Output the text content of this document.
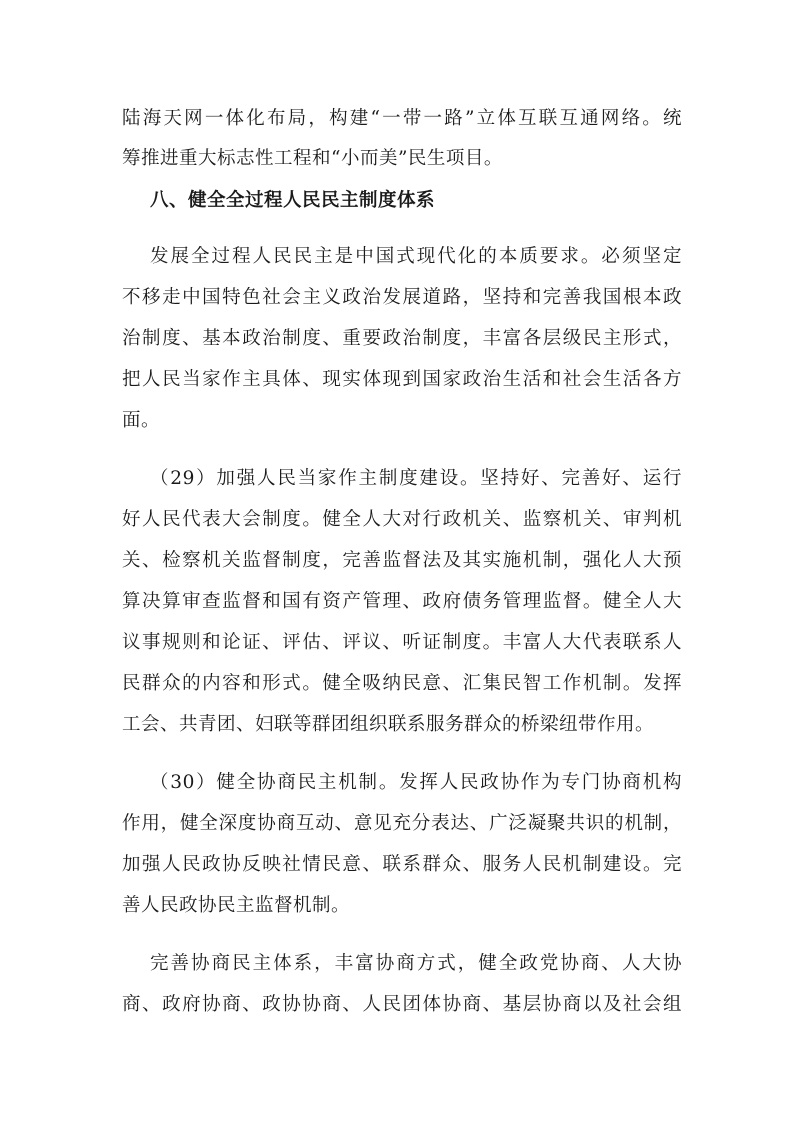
陆海天网一体化布局，构建“一带一路”立体互联互通网络。统
筹推进重大标志性工程和“小而美”民生项目。
八、健全全过程人民民主制度体系
发展全过程人民民主是中国式现代化的本质要求。必须坚定
不移走中国特色社会主义政治发展道路，坚持和完善我国根本政
治制度、基本政治制度、重要政治制度，丰富各层级民主形式，
把人民当家作主具体、现实体现到国家政治生活和社会生活各方
面。
（29）加强人民当家作主制度建设。坚持好、完善好、运行
好人民代表大会制度。健全人大对行政机关、监察机关、审判机
关、检察机关监督制度，完善监督法及其实施机制，强化人大预
算决算审查监督和国有资产管理、政府债务管理监督。健全人大
议事规则和论证、评估、评议、听证制度。丰富人大代表联系人
民群众的内容和形式。健全吸纳民意、汇集民智工作机制。发挥
工会、共青团、妇联等群团组织联系服务群众的桥梁纽带作用。
（30）健全协商民主机制。发挥人民政协作为专门协商机构
作用，健全深度协商互动、意见充分表达、广泛凝聚共识的机制，
加强人民政协反映社情民意、联系群众、服务人民机制建设。完
善人民政协民主监督机制。
完善协商民主体系，丰富协商方式，健全政党协商、人大协
商、政府协商、政协协商、人民团体协商、基层协商以及社会组
